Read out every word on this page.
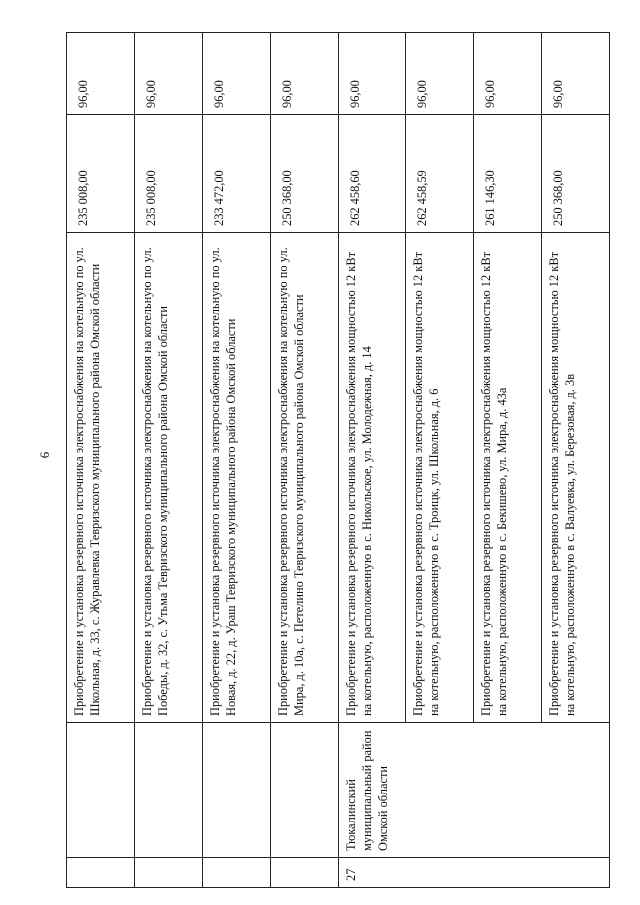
6
		Приобретение и установка резервного источника электроснабжения на котельную по ул. Школьная, д. 33, с. Журавлевка Тевризского муниципального района Омской области	235 008,00	96,00
		Приобретение и установка резервного источника электроснабжения на котельную по ул. Победы, д. 32, с. Утьма Тевризского муниципального района Омской области	235 008,00	96,00
		Приобретение и установка резервного источника электроснабжения на котельную по ул. Новая, д. 22, д. Ураш Тевризского муниципального района Омской области	233 472,00	96,00
		Приобретение и установка резервного источника электроснабжения на котельную по ул. Мира, д. 10а, с. Петелино Тевризского муниципального района Омской области	250 368,00	96,00
27	Тюкалинский муниципальный район Омской области	Приобретение и установка резервного источника электроснабжения мощностью 12 кВт на котельную, расположенную в с. Никольское, ул. Молодежная, д. 14	262 458,60	96,00
		Приобретение и установка резервного источника электроснабжения мощностью 12 кВт на котельную, расположенную в с. Троицк, ул. Школьная, д. 6	262 458,59	96,00
		Приобретение и установка резервного источника электроснабжения мощностью 12 кВт на котельную, расположенную в с. Бекишево, ул. Мира, д. 43а	261 146,30	96,00
		Приобретение и установка резервного источника электроснабжения мощностью 12 кВт на котельную, расположенную в с. Валуевка, ул. Березовая, д. 3в	250 368,00	96,00
